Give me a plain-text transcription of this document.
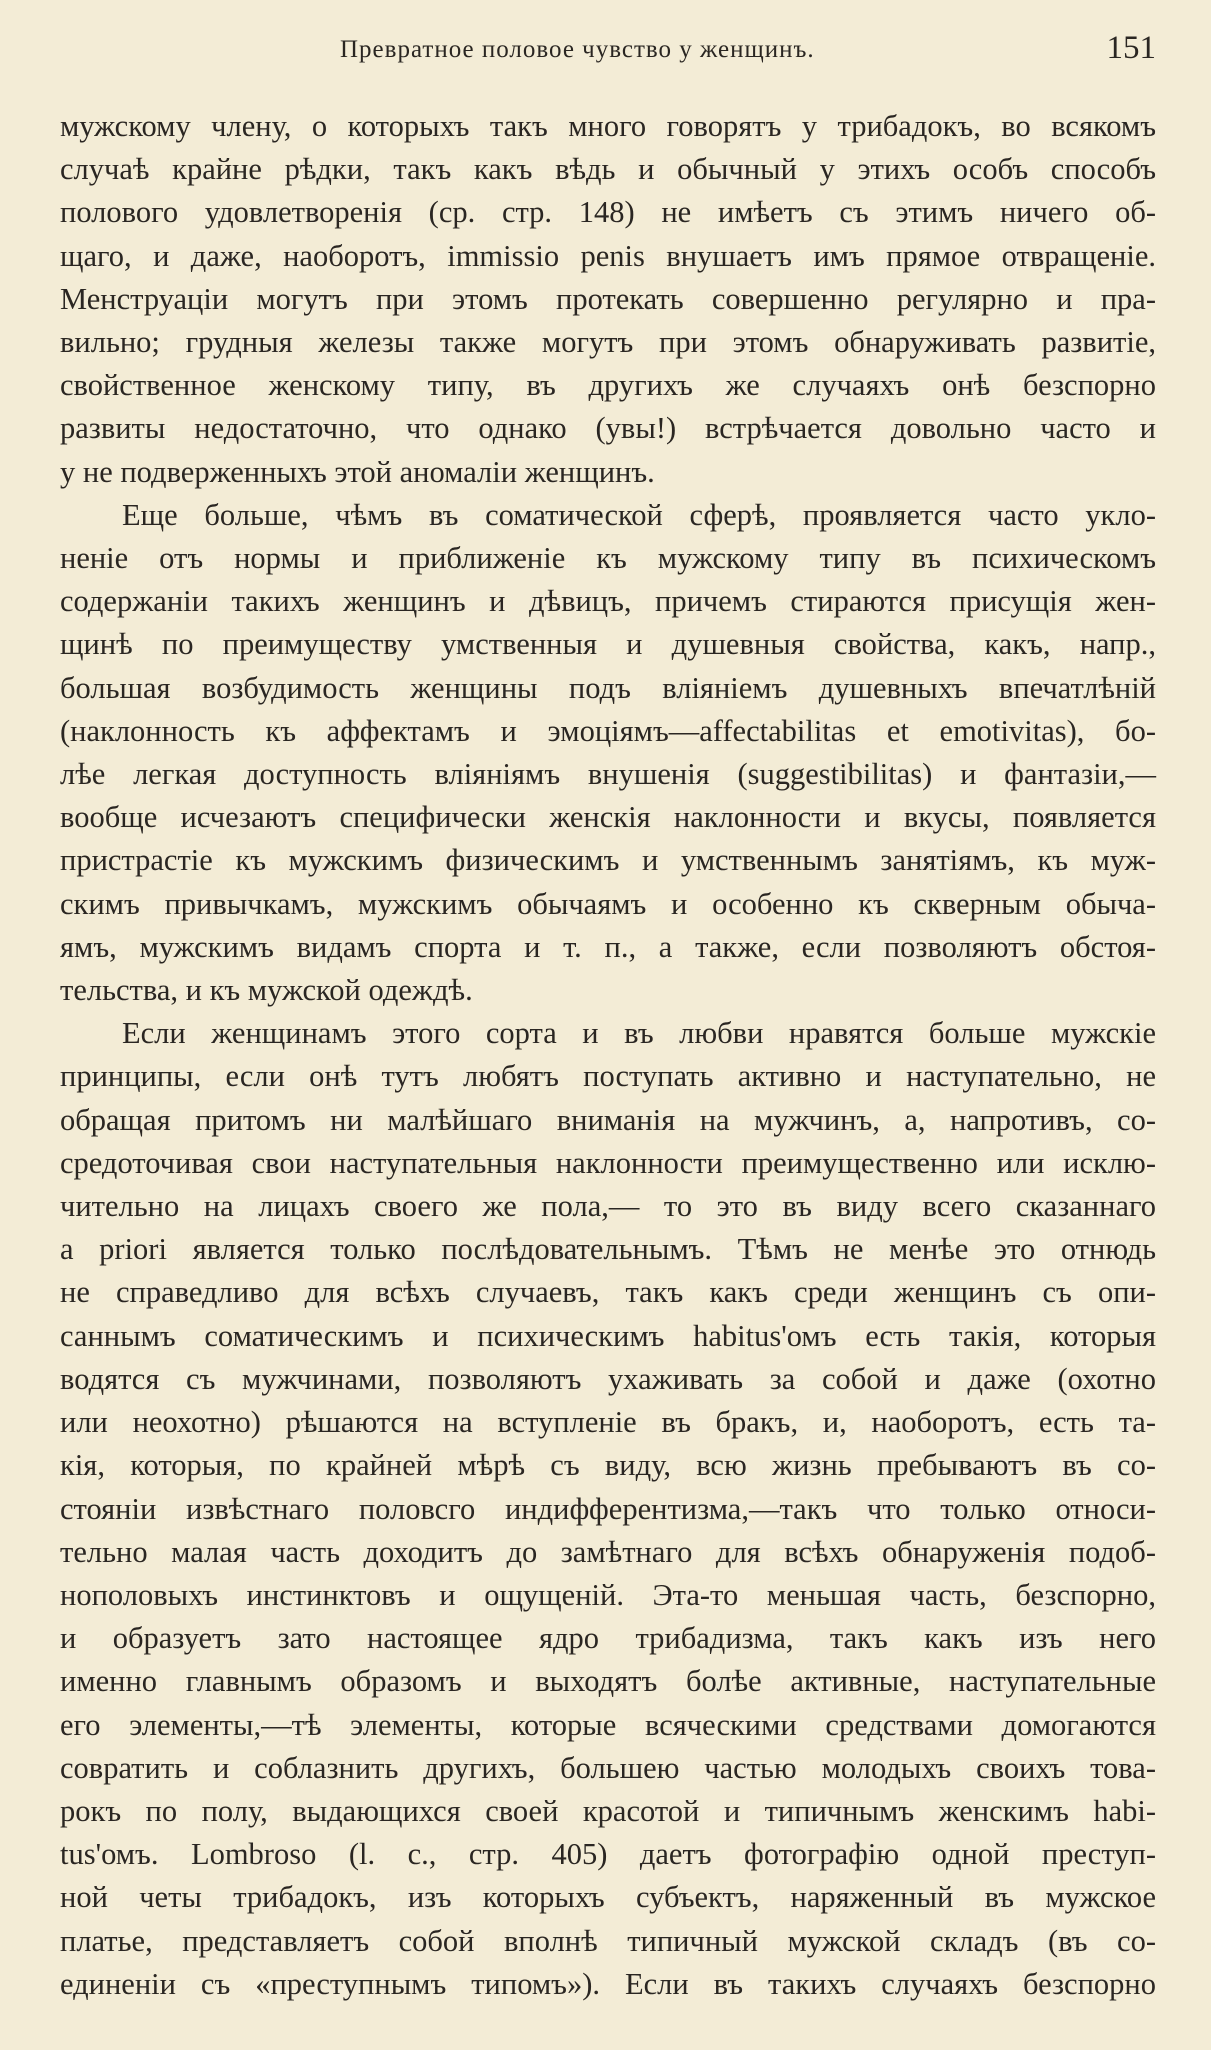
Превратное половое чувство у женщинъ.	151
мужскому члену, о которыхъ такъ много говорятъ у трибадокъ, во всякомъ
случаѣ крайне рѣдки, такъ какъ вѣдь и обычный у этихъ особъ способъ
полового удовлетворенія (ср. стр. 148) не имѣетъ съ этимъ ничего об-
щаго, и даже, наоборотъ, immissio penis внушаетъ имъ прямое отвращеніе.
Менструаціи могутъ при этомъ протекать совершенно регулярно и пра-
вильно; грудныя железы также могутъ при этомъ обнаруживать развитіе,
свойственное женскому типу, въ другихъ же случаяхъ онѣ безспорно
развиты недостаточно, что однако (увы!) встрѣчается довольно часто и
у не подверженныхъ этой аномаліи женщинъ.
Еще больше, чѣмъ въ соматической сферѣ, проявляется часто уклo-
неніе отъ нормы и приближеніе къ мужскому типу въ психическомъ
содержаніи такихъ женщинъ и дѣвицъ, причемъ стираются присущія жен-
щинѣ по преимуществу умственныя и душевныя свойства, какъ, напр.,
большая возбудимость женщины подъ вліяніемъ душевныхъ впечатлѣній
(наклонность къ аффектамъ и эмоціямъ—affectabilitas et emotivitas), бо-
лѣе легкая доступность вліяніямъ внушенія (suggestibilitas) и фантазіи,—
вообще исчезаютъ специфически женскія наклонности и вкусы, появляется
пристрастіе къ мужскимъ физическимъ и умственнымъ занятіямъ, къ муж-
скимъ привычкамъ, мужскимъ обычаямъ и особенно къ скверным обыча-
ямъ, мужскимъ видамъ спорта и т. п., а также, если позволяютъ обстоя-
тельства, и къ мужской одеждѣ.
Если женщинамъ этого сорта и въ любви нравятся больше мужскіе
принципы, если онѣ тутъ любятъ поступать активно и наступательно, не
обращая притомъ ни малѣйшаго вниманія на мужчинъ, а, напротивъ, со-
средоточивая свои наступательныя наклонности преимущественно или исклю-
чительно на лицахъ своего же пола,— то это въ виду всего сказаннаго
a priori является только послѣдовательнымъ. Тѣмъ не менѣе это отнюдь
не справедливо для всѣхъ случаевъ, такъ какъ среди женщинъ съ опи-
саннымъ соматическимъ и психическимъ habitus'омъ есть такія, которыя
водятся съ мужчинами, позволяютъ ухаживать за собой и даже (охотно
или неохотно) рѣшаются на вступленіе въ бракъ, и, наоборотъ, есть та-
кія, которыя, по крайней мѣрѣ съ виду, всю жизнь пребываютъ въ со-
стояніи извѣстнаго половсго индифферентизма,—такъ что только относи-
тельно малая часть доходитъ до замѣтнаго для всѣхъ обнаруженія подоб-
нополовыхъ инстинктовъ и ощущеній. Эта-то меньшая часть, безспорно,
и образуетъ зато настоящее ядро трибадизма, такъ какъ изъ него
именно главнымъ образомъ и выходятъ болѣе активные, наступательные
его элементы,—тѣ элементы, которые всяческими средствами домогаются
совратить и соблазнить другихъ, большею частью молодыхъ своихъ това-
рокъ по полу, выдающихся своей красотой и типичнымъ женскимъ habi-
tus'омъ. Lombroso (l. c., стр. 405) даетъ фотографію одной преступ-
ной четы трибадокъ, изъ которыхъ субъектъ, наряженный въ мужское
платье, представляетъ собой вполнѣ типичный мужской складъ (въ со-
единеніи съ «преступнымъ типомъ»). Если въ такихъ случаяхъ безспорно
